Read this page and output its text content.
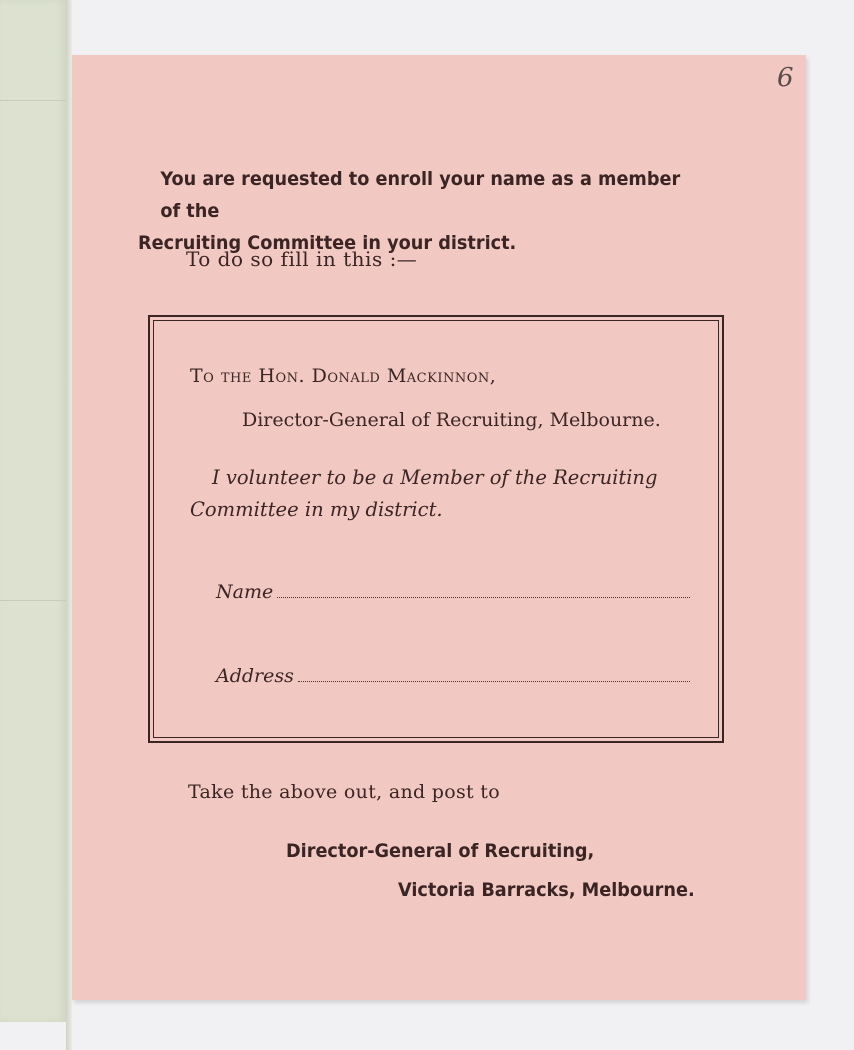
6
You are requested to enroll your name as a member of the
Recruiting Committee in your district.
To do so fill in this :—
To the Hon. Donald Mackinnon,
Director-General of Recruiting, Melbourne.
I volunteer to be a Member of the Recruiting
Committee in my district.
Name
Address
Take the above out, and post to
Director-General of Recruiting,
Victoria Barracks, Melbourne.
